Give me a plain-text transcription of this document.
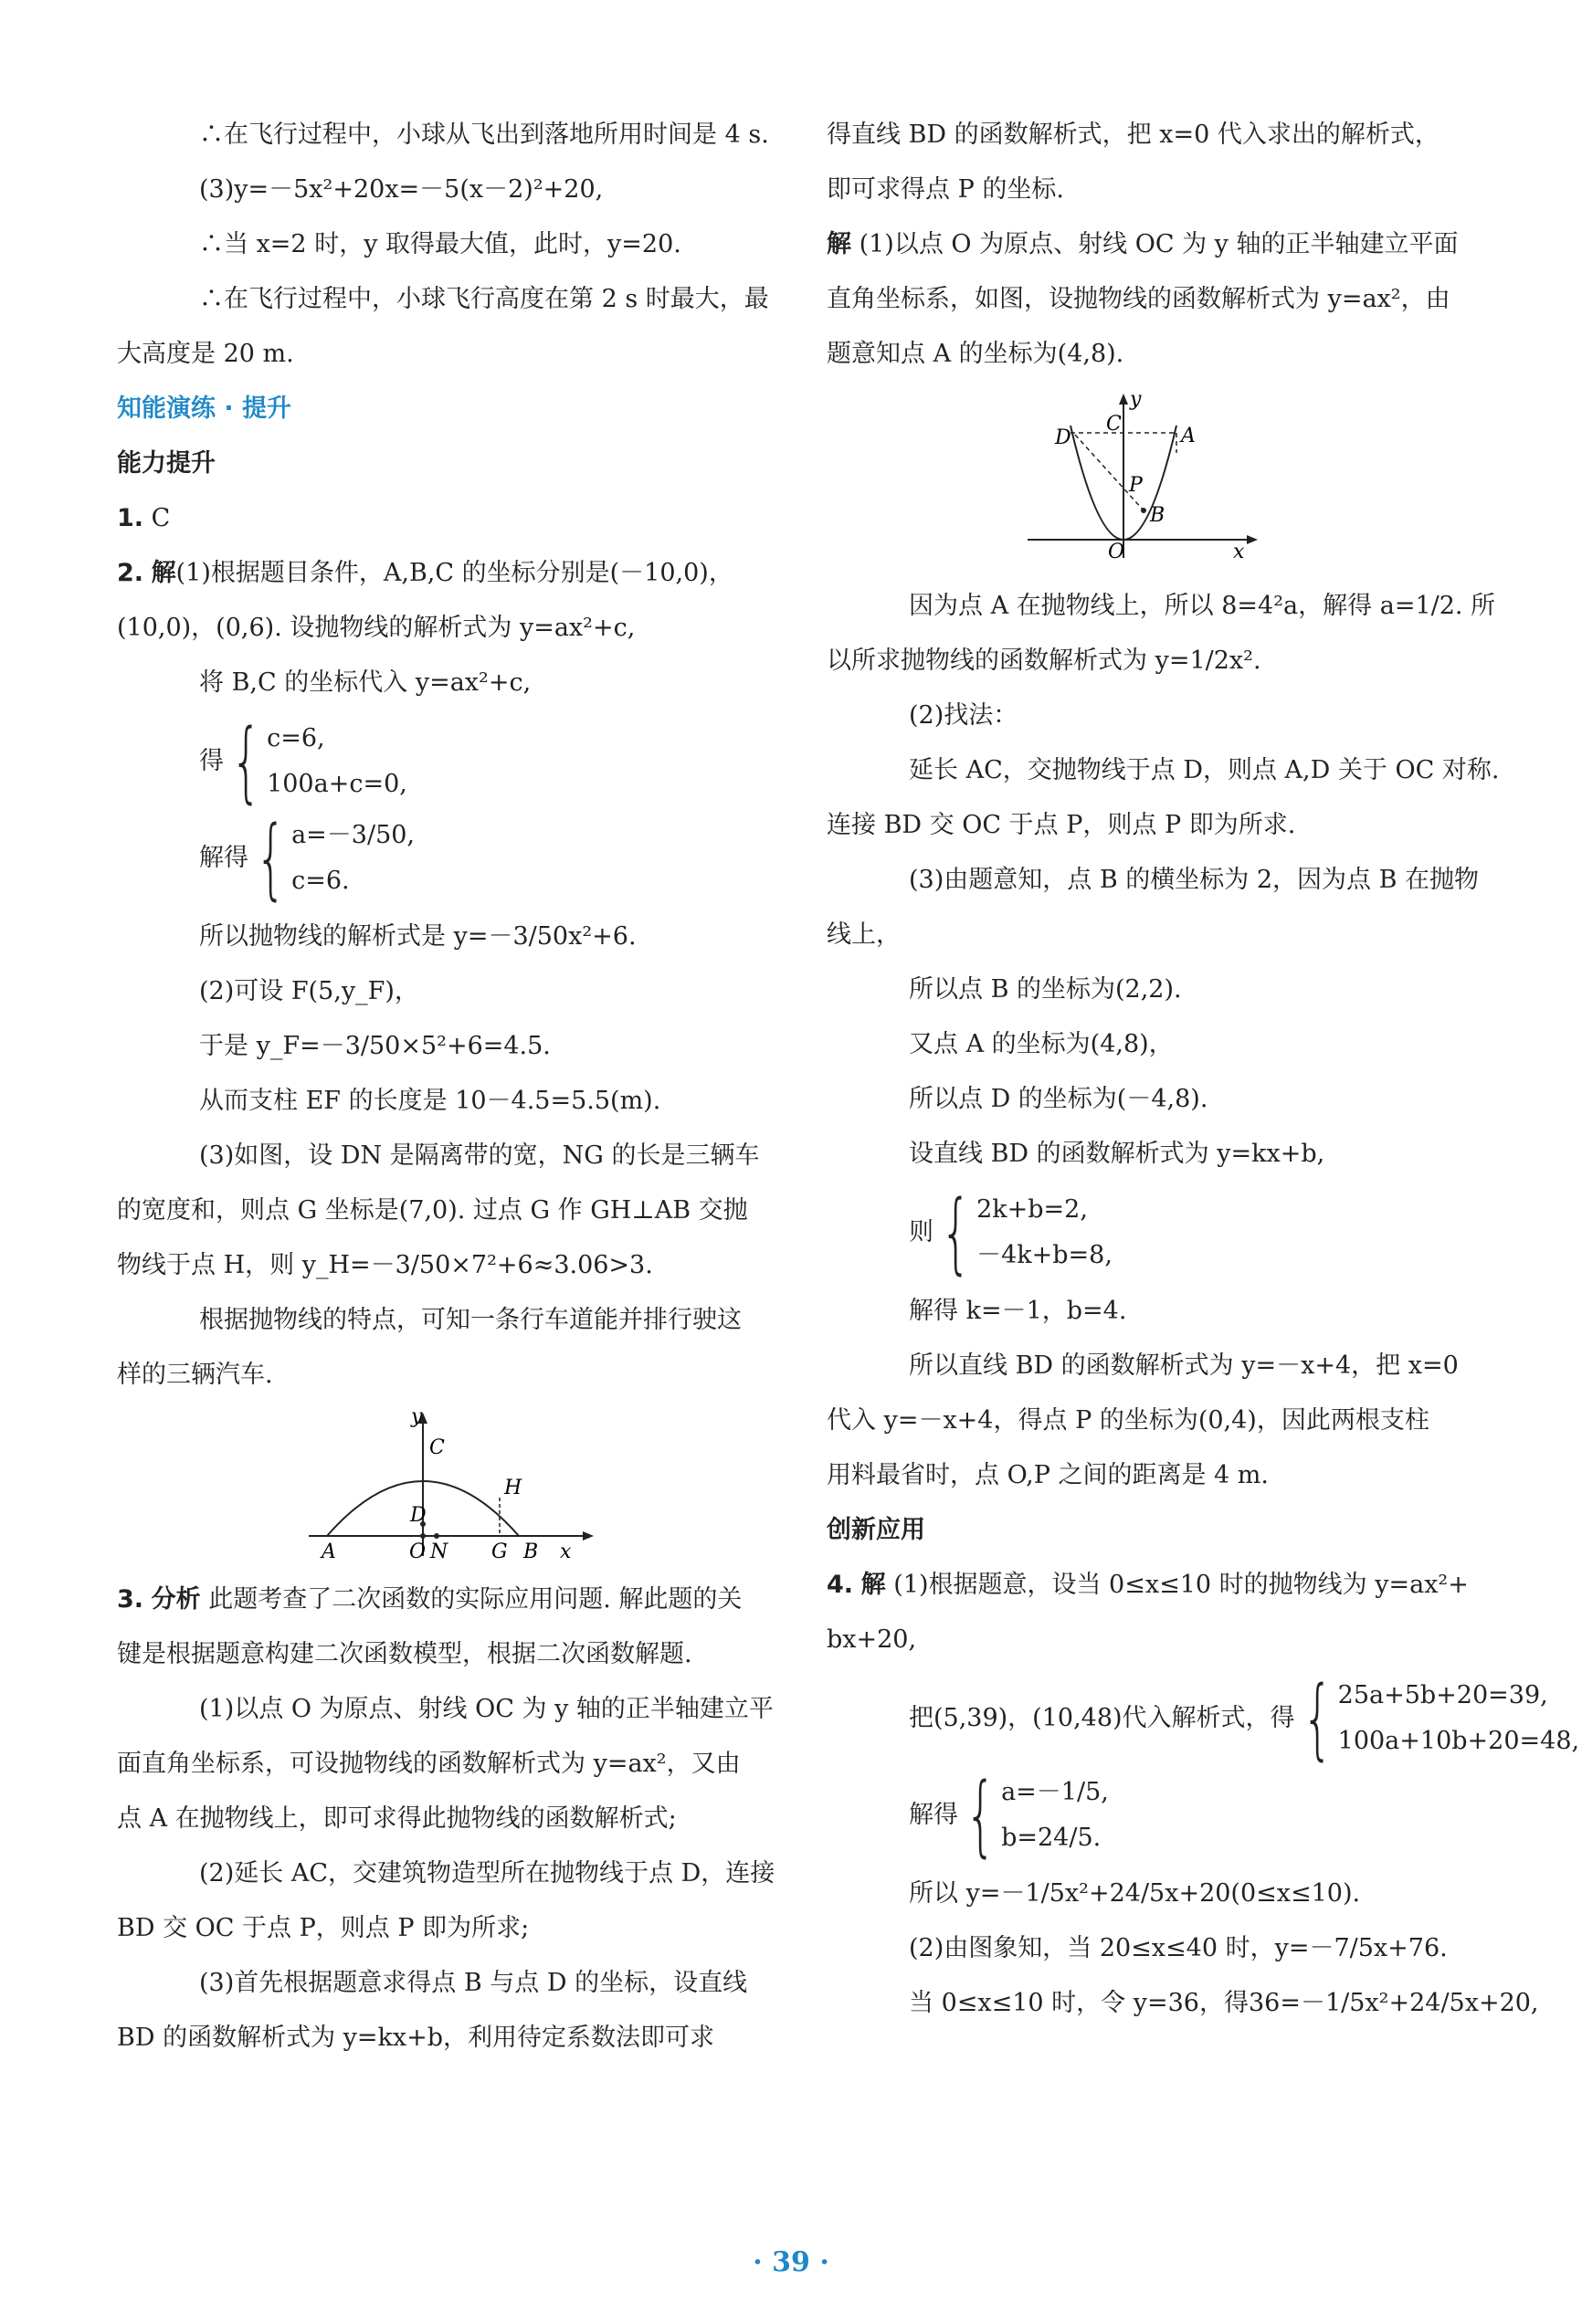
∴在飞行过程中，小球从飞出到落地所用时间是 4 s.
(3)y=－5x²+20x=－5(x－2)²+20,
∴当 x=2 时，y 取得最大值，此时，y=20.
∴在飞行过程中，小球飞行高度在第 2 s 时最大，最
大高度是 20 m.
知能演练 · 提升
能力提升
1. C
2. 解(1)根据题目条件，A,B,C 的坐标分别是(－10,0)，
(10,0)，(0,6). 设抛物线的解析式为 y=ax²+c,
将 B,C 的坐标代入 y=ax²+c,
得 { c=6,
100a+c=0,
解得 { a=－3/50,
c=6.
所以抛物线的解析式是 y=－3/50x²+6.
(2)可设 F(5,y_F)，
于是 y_F=－3/50×5²+6=4.5.
从而支柱 EF 的长度是 10－4.5=5.5(m).
(3)如图，设 DN 是隔离带的宽，NG 的长是三辆车
的宽度和，则点 G 坐标是(7,0). 过点 G 作 GH⊥AB 交抛
物线于点 H，则 y_H=－3/50×7²+6≈3.06>3.
根据抛物线的特点，可知一条行车道能并排行驶这
样的三辆汽车.
y
C
D
H
A	O N G B x
3. 分析 此题考查了二次函数的实际应用问题. 解此题的关
键是根据题意构建二次函数模型，根据二次函数解题.
(1)以点 O 为原点、射线 OC 为 y 轴的正半轴建立平
面直角坐标系，可设抛物线的函数解析式为 y=ax²，又由
点 A 在抛物线上，即可求得此抛物线的函数解析式;
(2)延长 AC，交建筑物造型所在抛物线于点 D，连接
BD 交 OC 于点 P，则点 P 即为所求;
(3)首先根据题意求得点 B 与点 D 的坐标，设直线
BD 的函数解析式为 y=kx+b，利用待定系数法即可求
得直线 BD 的函数解析式，把 x=0 代入求出的解析式，
即可求得点 P 的坐标.
解 (1)以点 O 为原点、射线 OC 为 y 轴的正半轴建立平面
直角坐标系，如图，设抛物线的函数解析式为 y=ax²，由
题意知点 A 的坐标为(4,8).
y
D
C
A
P
B
O	x
因为点 A 在抛物线上，所以 8=4²a，解得 a=1/2. 所
以所求抛物线的函数解析式为 y=1/2x².
(2)找法：
延长 AC，交抛物线于点 D，则点 A,D 关于 OC 对称.
连接 BD 交 OC 于点 P，则点 P 即为所求.
(3)由题意知，点 B 的横坐标为 2，因为点 B 在抛物
线上，
所以点 B 的坐标为(2,2).
又点 A 的坐标为(4,8)，
所以点 D 的坐标为(－4,8).
设直线 BD 的函数解析式为 y=kx+b,
则 { 2k+b=2,
－4k+b=8,
解得 k=－1，b=4.
所以直线 BD 的函数解析式为 y=－x+4，把 x=0
代入 y=－x+4，得点 P 的坐标为(0,4)，因此两根支柱
用料最省时，点 O,P 之间的距离是 4 m.
创新应用
4. 解 (1)根据题意，设当 0≤x≤10 时的抛物线为 y=ax²+
bx+20,
把(5,39)，(10,48)代入解析式，得 { 25a+5b+20=39,
100a+10b+20=48,
解得 { a=－1/5,
b=24/5.
所以 y=－1/5x²+24/5x+20(0≤x≤10).
(2)由图象知，当 20≤x≤40 时，y=－7/5x+76.
当 0≤x≤10 时，令 y=36，得36=－1/5x²+24/5x+20,
· 39 ·
